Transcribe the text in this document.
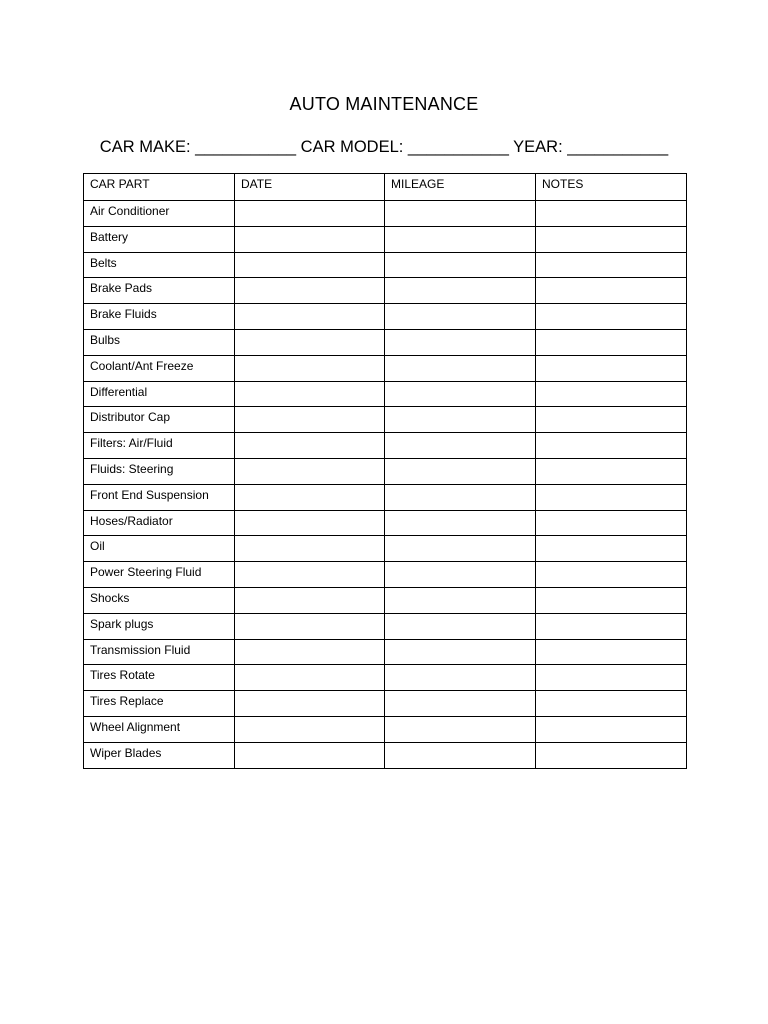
AUTO MAINTENANCE
CAR MAKE: ___________ CAR MODEL: ___________ YEAR: ___________
CAR PART	DATE	MILEAGE	NOTES
Air Conditioner			
Battery			
Belts			
Brake Pads			
Brake Fluids			
Bulbs			
Coolant/Ant Freeze			
Differential			
Distributor Cap			
Filters: Air/Fluid			
Fluids: Steering			
Front End Suspension			
Hoses/Radiator			
Oil			
Power Steering Fluid			
Shocks			
Spark plugs			
Transmission Fluid			
Tires Rotate			
Tires Replace			
Wheel Alignment			
Wiper Blades			
